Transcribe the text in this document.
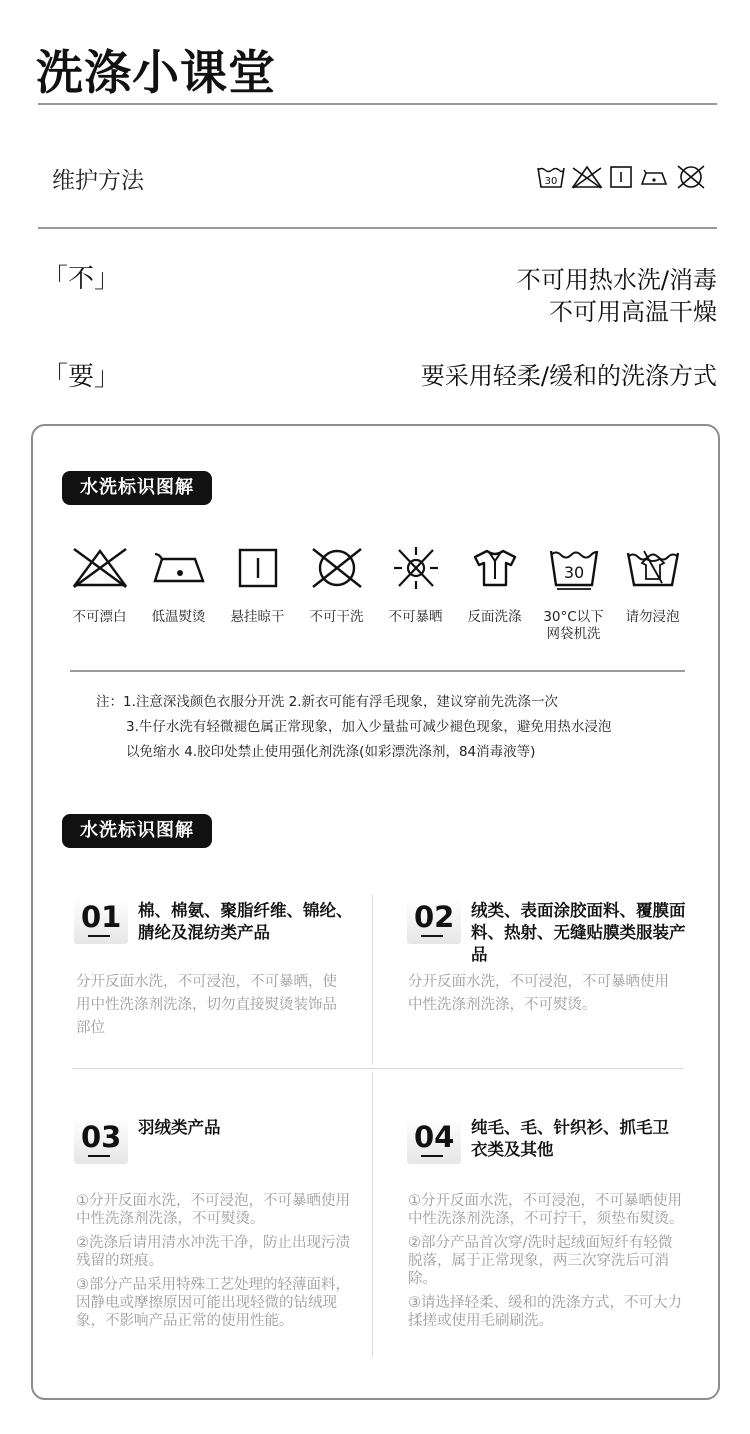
洗涤小课堂
维护方法	30
「不」	不可用热水洗/消毒
不可用高温干燥
「要」	要采用轻柔/缓和的洗涤方式
水洗标识图解
不可漂白 低温熨烫 悬挂晾干 不可干洗 不可暴晒 反面洗涤
30
30°C以下
网袋机洗
请勿浸泡
注：1.注意深浅颜色衣服分开洗 2.新衣可能有浮毛现象，建议穿前先洗涤一次
3.牛仔水洗有轻微褪色属正常现象，加入少量盐可减少褪色现象，避免用热水浸泡
以免缩水 4.胶印处禁止使用强化剂洗涤(如彩漂洗涤剂，84消毒液等)
水洗标识图解
01 棉、棉氨、聚脂纤维、锦纶、腈纶及混纺类产品

分开反面水洗，不可浸泡，不可暴晒，使用中性洗涤剂洗涤，切勿直接熨烫装饰品部位

02 绒类、表面涂胶面料、覆膜面料、热射、无缝贴膜类服装产品

分开反面水洗，不可浸泡，不可暴晒使用中性洗涤剂洗涤，不可熨烫。

03 羽绒类产品

①分开反面水洗，不可浸泡，不可暴晒使用中性洗涤剂洗涤，不可熨烫。

②洗涤后请用清水冲洗干净，防止出现污渍残留的斑痕。

③部分产品采用特殊工艺处理的轻薄面料，因静电或摩擦原因可能出现轻微的钻绒现象，不影响产品正常的使用性能。

04 纯毛、毛、针织衫、抓毛卫衣类及其他

①分开反面水洗，不可浸泡，不可暴晒使用中性洗涤剂洗涤，不可拧干，须垫布熨烫。

②部分产品首次穿/洗时起绒面短纤有轻微脱落，属于正常现象，两三次穿洗后可消除。

③请选择轻柔、缓和的洗涤方式，不可大力揉搓或使用毛刷刷洗。
